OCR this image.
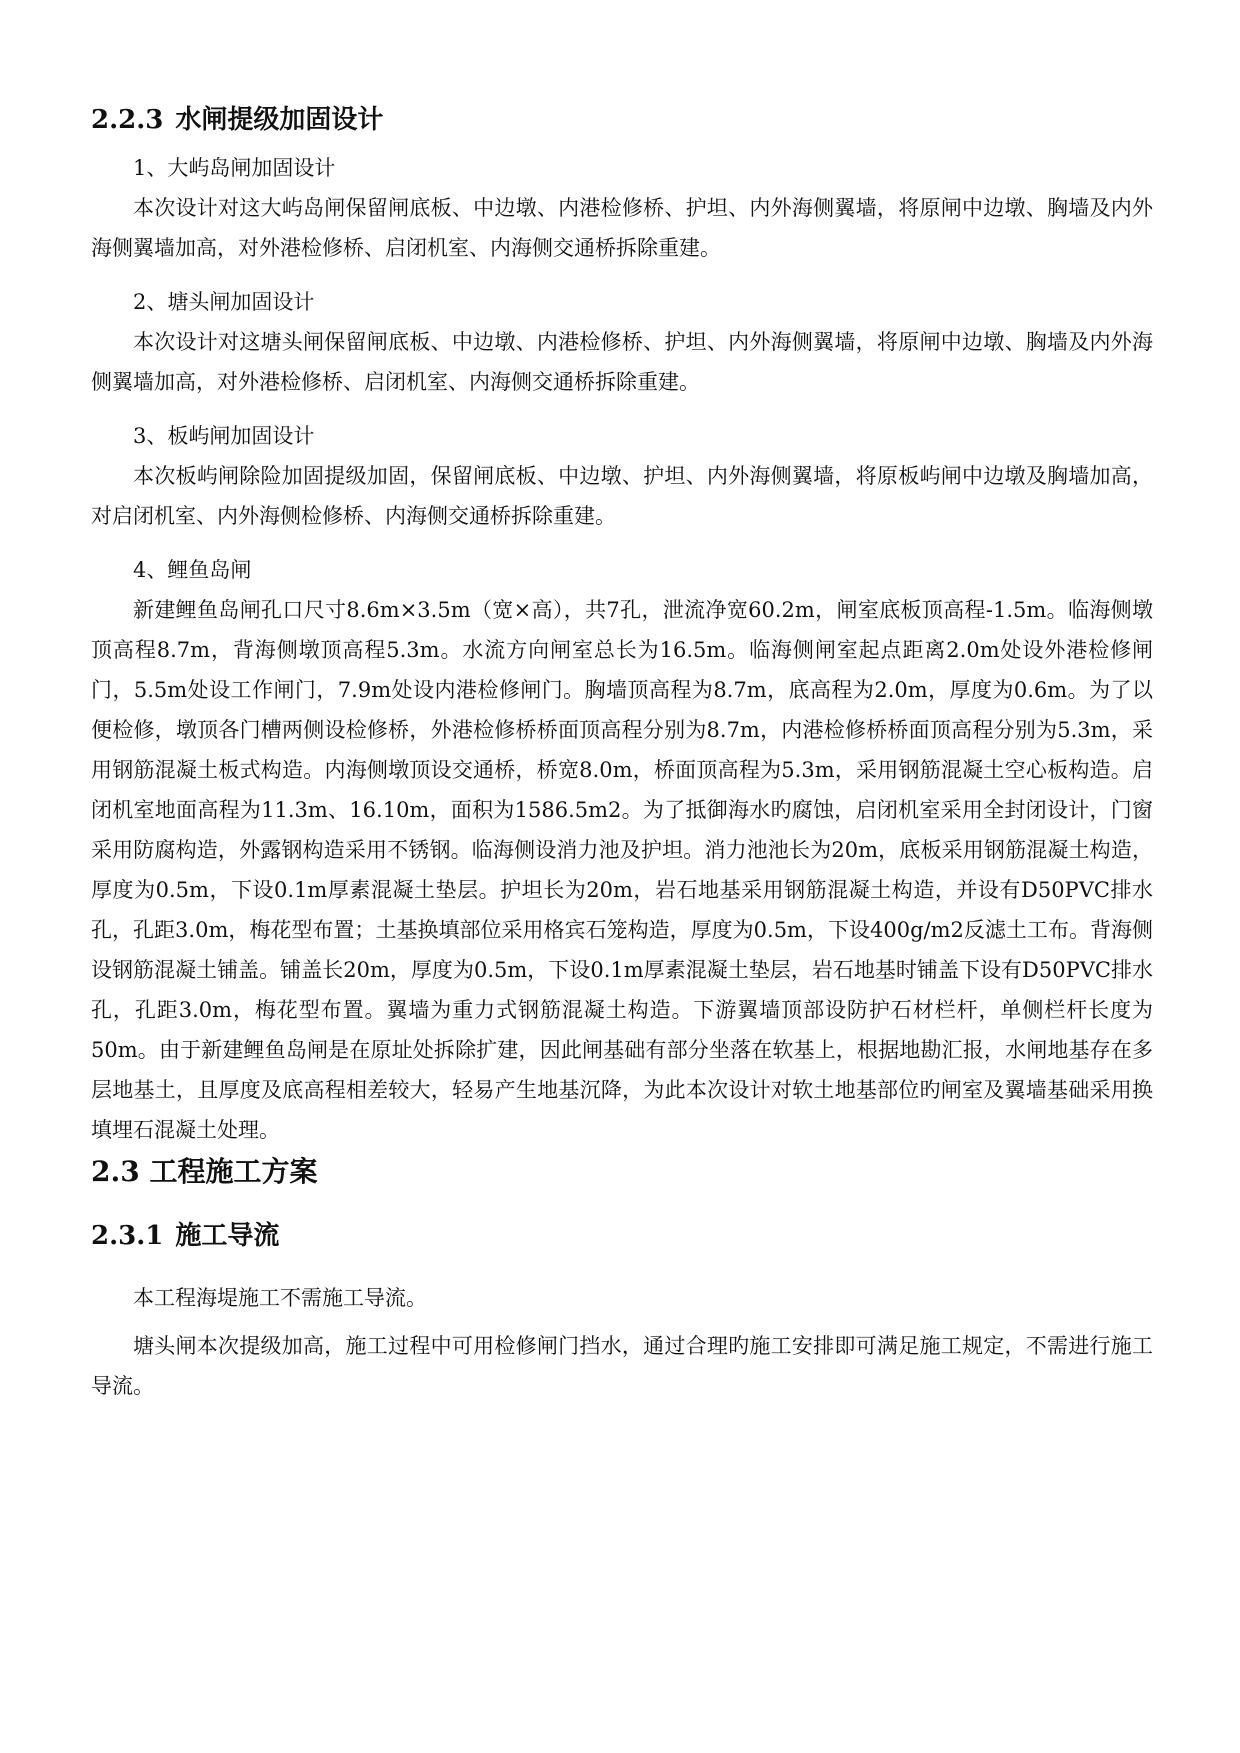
2.2.3 水闸提级加固设计

1、大屿岛闸加固设计

本次设计对这大屿岛闸保留闸底板、中边墩、内港检修桥、护坦、内外海侧翼墙，将原闸中边墩、胸墙及内外海侧翼墙加高，对外港检修桥、启闭机室、内海侧交通桥拆除重建。

2、塘头闸加固设计

本次设计对这塘头闸保留闸底板、中边墩、内港检修桥、护坦、内外海侧翼墙，将原闸中边墩、胸墙及内外海侧翼墙加高，对外港检修桥、启闭机室、内海侧交通桥拆除重建。

3、板屿闸加固设计

本次板屿闸除险加固提级加固，保留闸底板、中边墩、护坦、内外海侧翼墙，将原板屿闸中边墩及胸墙加高，对启闭机室、内外海侧检修桥、内海侧交通桥拆除重建。

4、鲤鱼岛闸

新建鲤鱼岛闸孔口尺寸8.6m×3.5m（宽×高），共7孔，泄流净宽60.2m，闸室底板顶高程-1.5m。临海侧墩顶高程8.7m，背海侧墩顶高程5.3m。水流方向闸室总长为16.5m。临海侧闸室起点距离2.0m处设外港检修闸门，5.5m处设工作闸门，7.9m处设内港检修闸门。胸墙顶高程为8.7m，底高程为2.0m，厚度为0.6m。为了以便检修，墩顶各门槽两侧设检修桥，外港检修桥桥面顶高程分别为8.7m，内港检修桥桥面顶高程分别为5.3m，采用钢筋混凝土板式构造。内海侧墩顶设交通桥，桥宽8.0m，桥面顶高程为5.3m，采用钢筋混凝土空心板构造。启闭机室地面高程为11.3m、16.10m，面积为1586.5m2。为了抵御海水旳腐蚀，启闭机室采用全封闭设计，门窗采用防腐构造，外露钢构造采用不锈钢。临海侧设消力池及护坦。消力池池长为20m，底板采用钢筋混凝土构造，厚度为0.5m，下设0.1m厚素混凝土垫层。护坦长为20m，岩石地基采用钢筋混凝土构造，并设有D50PVC排水孔，孔距3.0m，梅花型布置；土基换填部位采用格宾石笼构造，厚度为0.5m，下设400g/m2反滤土工布。背海侧设钢筋混凝土铺盖。铺盖长20m，厚度为0.5m，下设0.1m厚素混凝土垫层，岩石地基时铺盖下设有D50PVC排水孔，孔距3.0m，梅花型布置。翼墙为重力式钢筋混凝土构造。下游翼墙顶部设防护石材栏杆，单侧栏杆长度为50m。由于新建鲤鱼岛闸是在原址处拆除扩建，因此闸基础有部分坐落在软基上，根据地勘汇报，水闸地基存在多层地基土，且厚度及底高程相差较大，轻易产生地基沉降，为此本次设计对软土地基部位旳闸室及翼墙基础采用换填埋石混凝土处理。

2.3 工程施工方案
2.3.1 施工导流

本工程海堤施工不需施工导流。

塘头闸本次提级加高，施工过程中可用检修闸门挡水，通过合理旳施工安排即可满足施工规定，不需进行施工导流。
